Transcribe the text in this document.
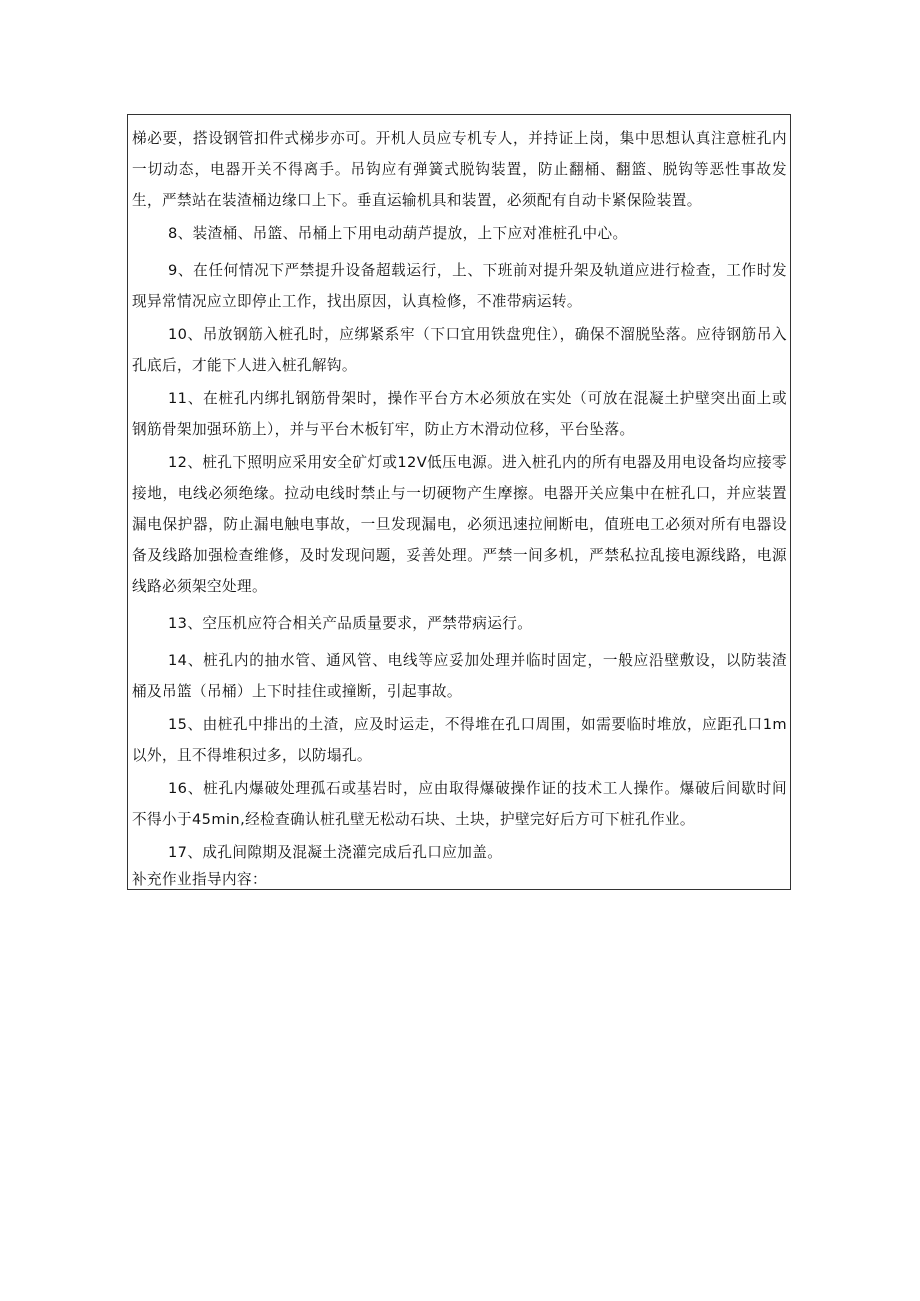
梯必要，搭设钢管扣件式梯步亦可。开机人员应专机专人，并持证上岗，集中思想认真注意桩孔内一切动态，电器开关不得离手。吊钩应有弹簧式脱钩装置，防止翻桶、翻篮、脱钩等恶性事故发生，严禁站在装渣桶边缘口上下。垂直运输机具和装置，必须配有自动卡紧保险装置。

8、装渣桶、吊篮、吊桶上下用电动葫芦提放，上下应对准桩孔中心。

9、在任何情况下严禁提升设备超载运行，上、下班前对提升架及轨道应进行检查，工作时发现异常情况应立即停止工作，找出原因，认真检修，不准带病运转。

10、吊放钢筋入桩孔时，应绑紧系牢（下口宜用铁盘兜住），确保不溜脱坠落。应待钢筋吊入孔底后，才能下人进入桩孔解钩。

11、在桩孔内绑扎钢筋骨架时，操作平台方木必须放在实处（可放在混凝土护壁突出面上或钢筋骨架加强环筋上），并与平台木板钉牢，防止方木滑动位移，平台坠落。

12、桩孔下照明应采用安全矿灯或12V低压电源。进入桩孔内的所有电器及用电设备均应接零接地，电线必须绝缘。拉动电线时禁止与一切硬物产生摩擦。电器开关应集中在桩孔口，并应装置漏电保护器，防止漏电触电事故，一旦发现漏电，必须迅速拉闸断电，值班电工必须对所有电器设备及线路加强检查维修，及时发现问题，妥善处理。严禁一间多机，严禁私拉乱接电源线路，电源线路必须架空处理。

13、空压机应符合相关产品质量要求，严禁带病运行。

14、桩孔内的抽水管、通风管、电线等应妥加处理并临时固定，一般应沿壁敷设，以防装渣桶及吊篮（吊桶）上下时挂住或撞断，引起事故。

15、由桩孔中排出的土渣，应及时运走，不得堆在孔口周围，如需要临时堆放，应距孔口1m以外，且不得堆积过多，以防塌孔。

16、桩孔内爆破处理孤石或基岩时，应由取得爆破操作证的技术工人操作。爆破后间歇时间不得小于45min,经检查确认桩孔壁无松动石块、土块，护壁完好后方可下桩孔作业。

17、成孔间隙期及混凝土浇灌完成后孔口应加盖。

补充作业指导内容：
